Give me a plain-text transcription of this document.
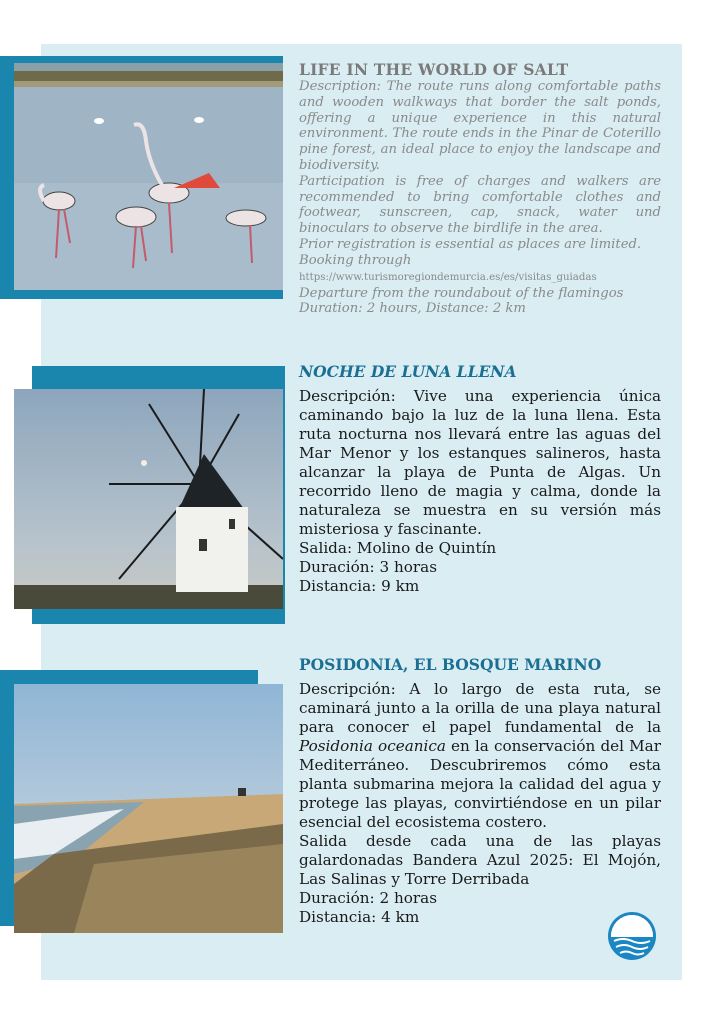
LIFE IN THE WORLD OF SALT

Description: The route runs along comfortable paths and wooden walkways that border the salt ponds, offering a unique experience in this natural environment. The route ends in the Pinar de Coterillo pine forest, an ideal place to enjoy the landscape and biodiversity.

Participation is free of charges and walkers are recommended to bring comfortable clothes and footwear, sunscreen, cap, snack, water und binoculars to observe the birdlife in the area.

Prior registration is essential as places are limited.

Booking through

https://www.turismoregiondemurcia.es/es/visitas_guiadas

Departure from the roundabout of the flamingos

Duration: 2 hours, Distance: 2 km

NOCHE DE LUNA LLENA

Descripción: Vive una experiencia única caminando bajo la luz de la luna llena. Esta ruta nocturna nos llevará entre las aguas del Mar Menor y los estanques salineros, hasta alcanzar la playa de Punta de Algas. Un recorrido lleno de magia y calma, donde la naturaleza se muestra en su versión más misteriosa y fascinante.

Salida: Molino de Quintín

Duración: 3 horas

Distancia: 9 km

POSIDONIA, EL BOSQUE MARINO

Descripción: A lo largo de esta ruta, se caminará junto a la orilla de una playa natural para conocer el papel fundamental de la Posidonia oceanica en la conservación del Mar Mediterráneo. Descubriremos cómo esta planta submarina mejora la calidad del agua y protege las playas, convirtiéndose en un pilar esencial del ecosistema costero.

Salida desde cada una de las playas galardonadas Bandera Azul 2025: El Mojón, Las Salinas y Torre Derribada

Duración: 2 horas

Distancia: 4 km
